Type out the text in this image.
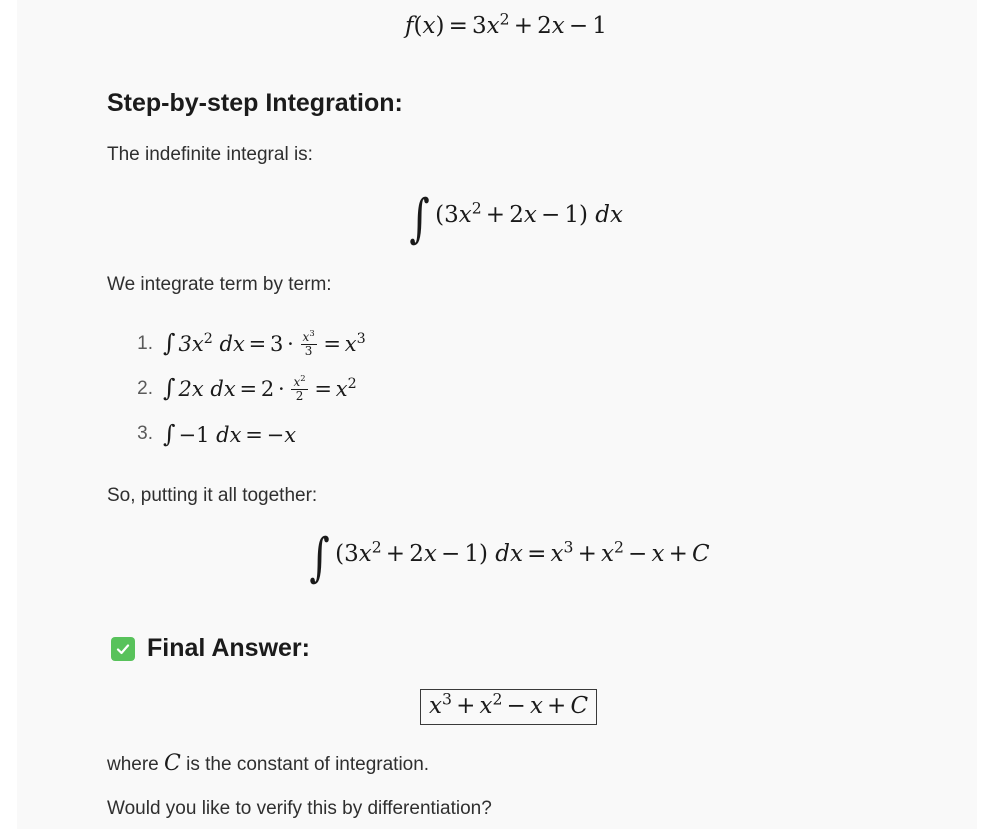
$f(x) = 3x^2 + 2x - 1$
Step-by-step Integration:
The indefinite integral is:
∫ $(3x^2 + 2x - 1)$ dx
We integrate term by term:
1. ∫ $3x^2$ dx = $3 \cdot \frac{x^3}{3} = x^3$
2. ∫ 2x dx = $2 \cdot \frac{x^2}{2} = x^2$
3. ∫ −1 dx = −x
So, putting it all together:
∫ $(3x^2 + 2x - 1)$ dx = $x^3 + x^2 - x + C$
Final Answer:
$x^3 + x^2 - x + C$
where C is the constant of integration.
Would you like to verify this by differentiation?
